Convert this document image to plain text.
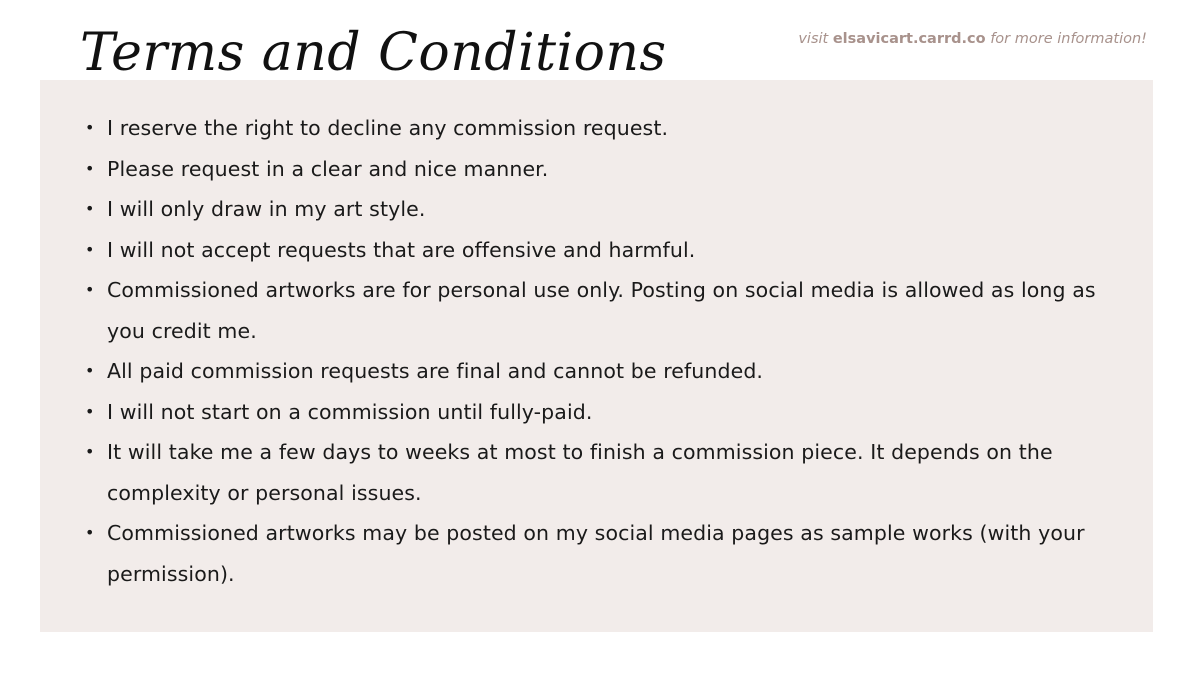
Terms and Conditions	visit elsavicart.carrd.co for more information!
• I reserve the right to decline any commission request.
• Please request in a clear and nice manner.
• I will only draw in my art style.
• I will not accept requests that are offensive and harmful.
• Commissioned artworks are for personal use only. Posting on social media is allowed as long as you credit me.
• All paid commission requests are final and cannot be refunded.
• I will not start on a commission until fully-paid.
• It will take me a few days to weeks at most to finish a commission piece. It depends on the complexity or personal issues.
• Commissioned artworks may be posted on my social media pages as sample works (with your permission).
